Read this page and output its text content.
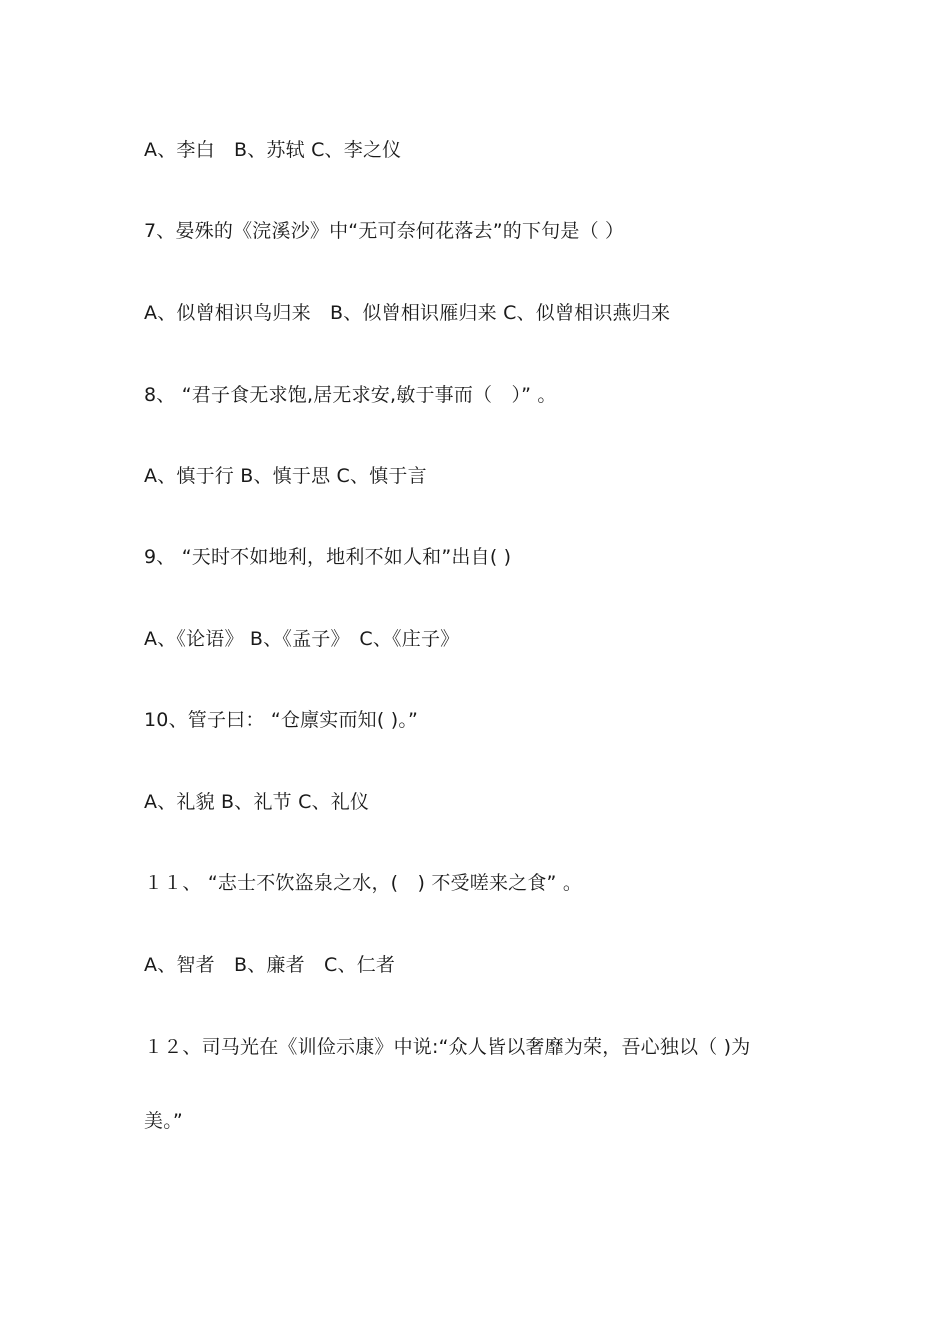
A、李白　B、苏轼 C、李之仪
7、晏殊的《浣溪沙》中“无可奈何花落去”的下句是（ ）
A、似曾相识鸟归来　B、似曾相识雁归来 C、似曾相识燕归来
8、 “君子食无求饱,居无求安,敏于事而（　）” 。
A、慎于行 B、慎于思 C、慎于言
9、 “天时不如地利，地利不如人和”出自( )
A、《论语》 B、《孟子》　C、《庄子》
10、管子曰： “仓廪实而知( )。”
A、礼貌 B、礼节 C、礼仪
１１、 “志士不饮盗泉之水，(　) 不受嗟来之食” 。
A、智者　B、廉者　C、仁者
１２、司马光在《训俭示康》中说:“众人皆以奢靡为荣，吾心独以（ )为
美。”
